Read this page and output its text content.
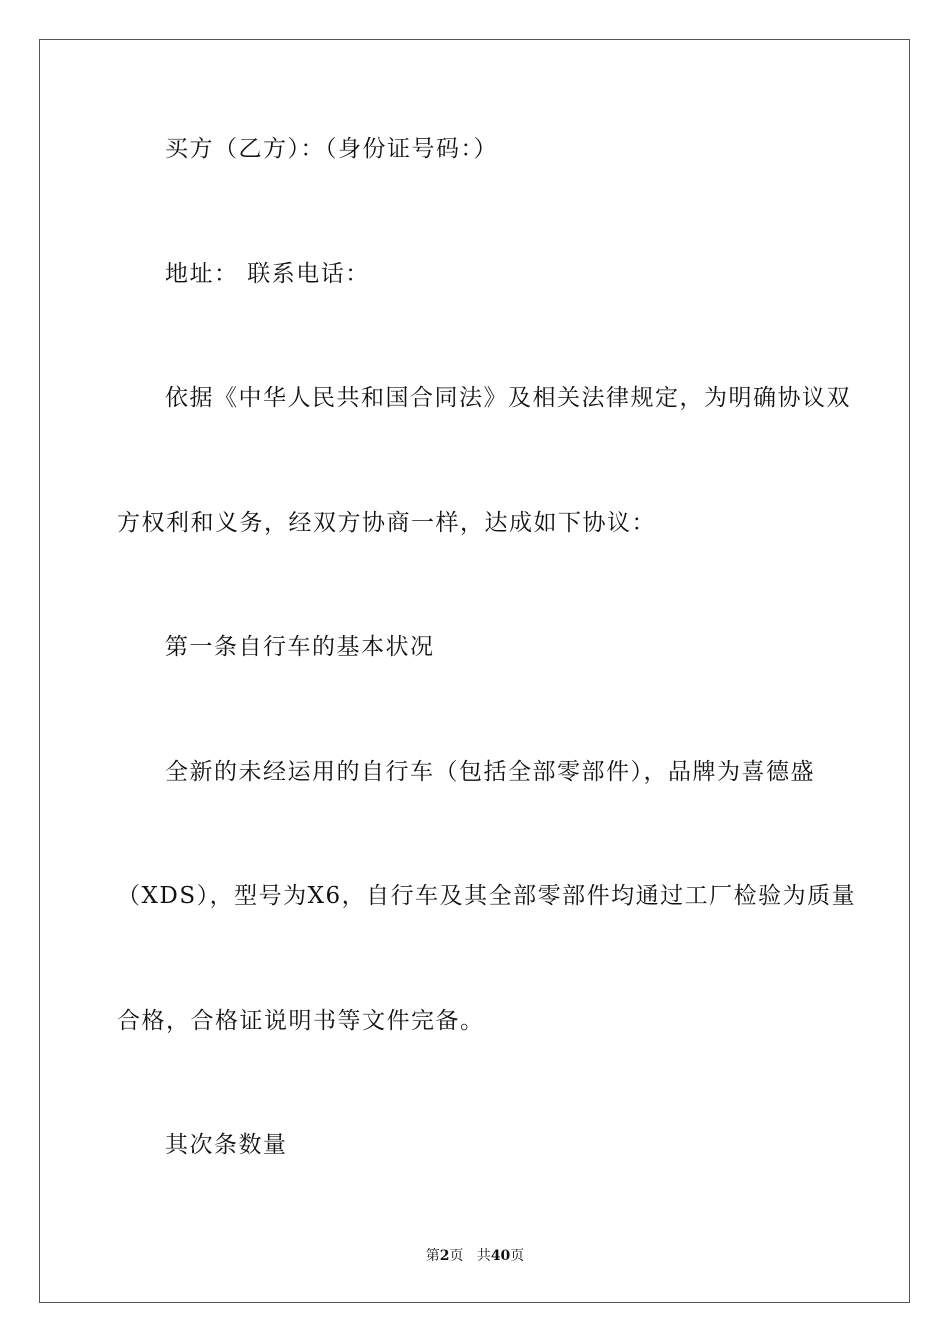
买方（乙方）：（身份证号码：）
地址： 联系电话：
依据《中华人民共和国合同法》及相关法律规定，为明确协议双
方权利和义务，经双方协商一样，达成如下协议：
第一条自行车的基本状况
全新的未经运用的自行车（包括全部零部件），品牌为喜德盛
（XDS），型号为X6，自行车及其全部零部件均通过工厂检验为质量
合格，合格证说明书等文件完备。
其次条数量
第2页 共40页
